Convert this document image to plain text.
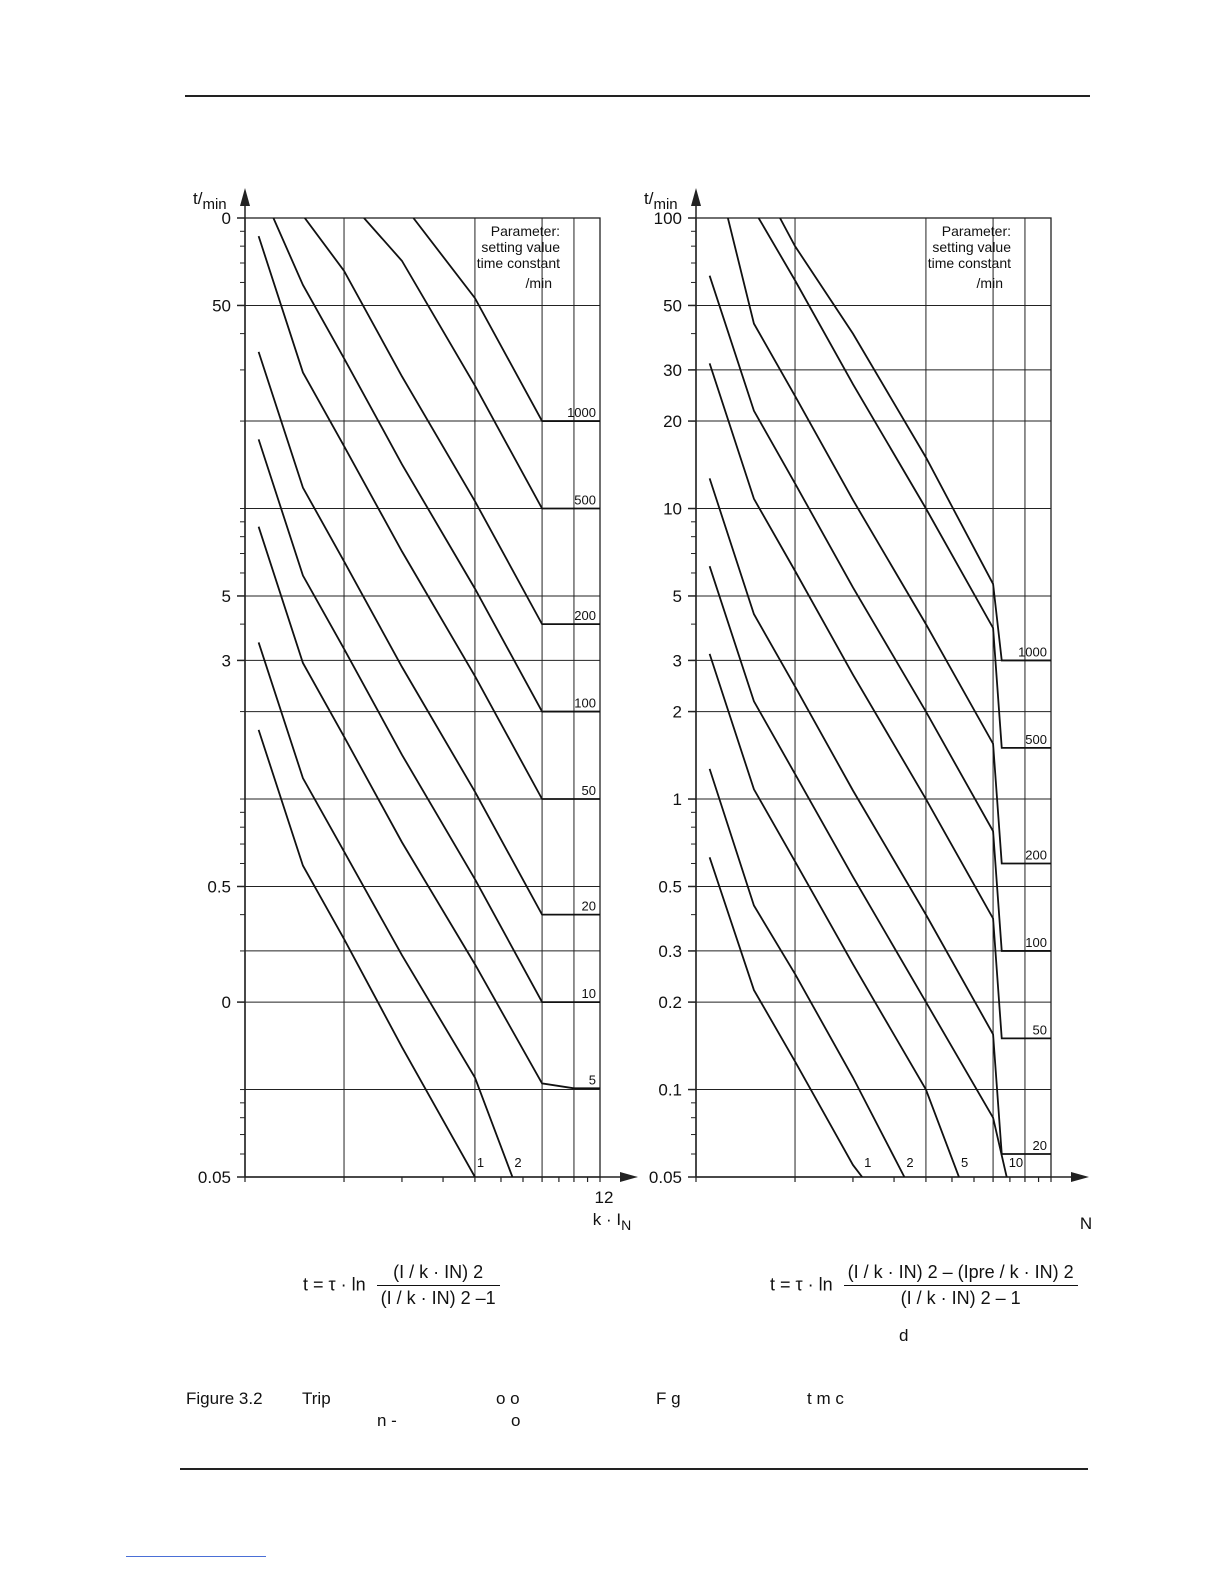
0
50
5
3
0.5
0
0.05
t/min
12
$k \cdot I_N$
Parameter:
setting value
time constant
/min
1 2
5
10
20
50
100
200
500
1000
100
50
30
20
10
5
3
2
1
0.5
0.3
0.2
0.1
0.05
t/min
N
Parameter:
setting value
time constant
/min
1	2	5	10
20
50
100
200
500
1000
$t = \tau \cdot \ln \frac{(I / k \cdot IN) 2}{(I / k \cdot IN) 2 -1}$	$t = \tau \cdot \ln \frac{\text{(I / k · IN) 2 – (Ipre / k · IN) 2}}{(I / k \cdot IN) 2 - 1}$
d
Figure 3.2 Trip	o o	F g	t m c
n -	o
